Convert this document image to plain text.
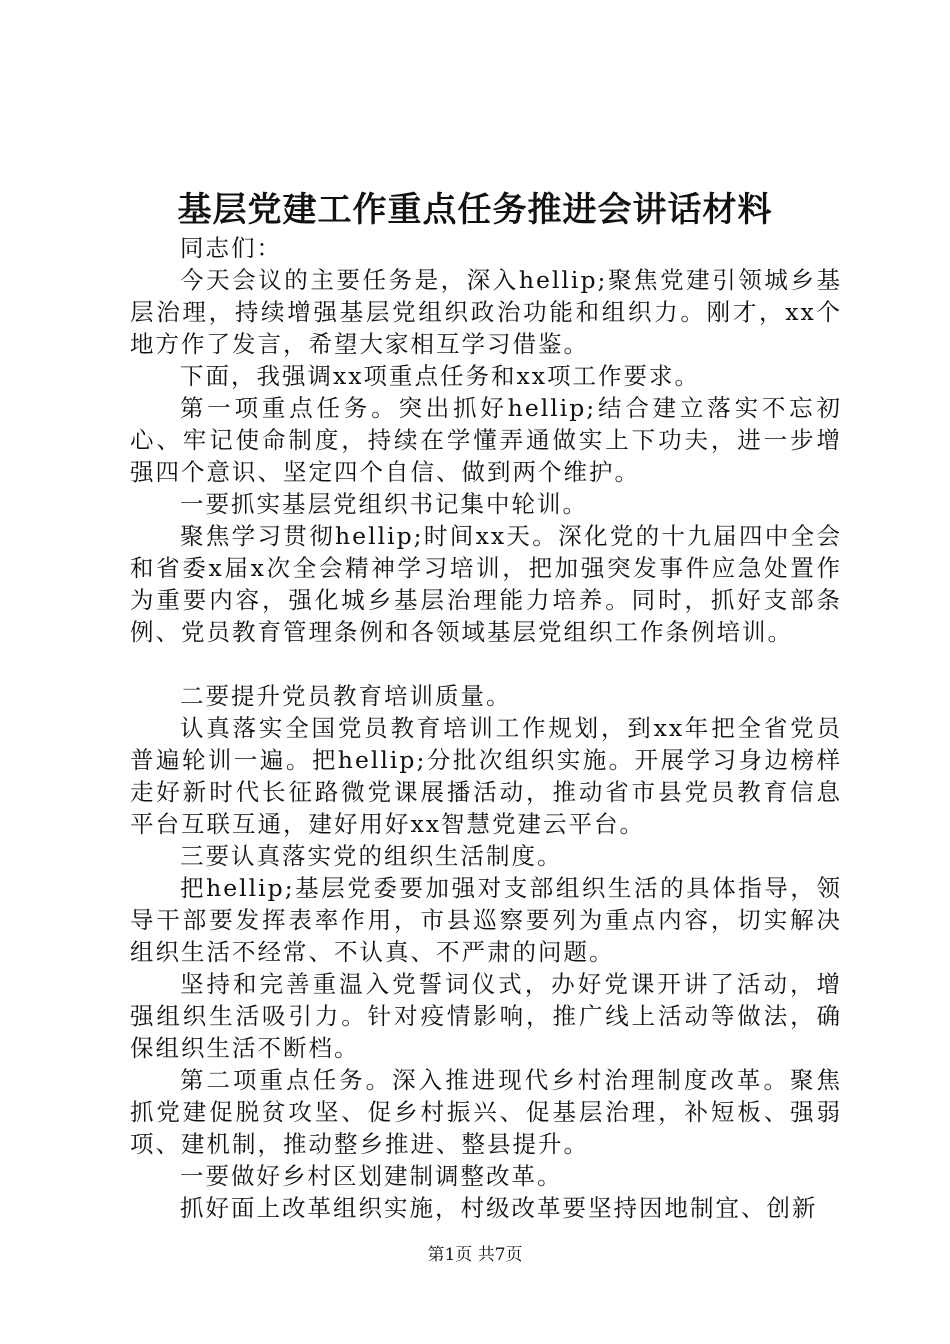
基层党建工作重点任务推进会讲话材料

同志们：

今天会议的主要任务是，深入hellip;聚焦党建引领城乡基层治理，持续增强基层党组织政治功能和组织力。刚才，xx个地方作了发言，希望大家相互学习借鉴。

下面，我强调xx项重点任务和xx项工作要求。

第一项重点任务。突出抓好hellip;结合建立落实不忘初心、牢记使命制度，持续在学懂弄通做实上下功夫，进一步增强四个意识、坚定四个自信、做到两个维护。

一要抓实基层党组织书记集中轮训。

聚焦学习贯彻hellip;时间xx天。深化党的十九届四中全会和省委x届x次全会精神学习培训，把加强突发事件应急处置作为重要内容，强化城乡基层治理能力培养。同时，抓好支部条例、党员教育管理条例和各领域基层党组织工作条例培训。

二要提升党员教育培训质量。

认真落实全国党员教育培训工作规划，到xx年把全省党员普遍轮训一遍。把hellip;分批次组织实施。开展学习身边榜样走好新时代长征路微党课展播活动，推动省市县党员教育信息平台互联互通，建好用好xx智慧党建云平台。

三要认真落实党的组织生活制度。

把hellip;基层党委要加强对支部组织生活的具体指导，领导干部要发挥表率作用，市县巡察要列为重点内容，切实解决组织生活不经常、不认真、不严肃的问题。

坚持和完善重温入党誓词仪式，办好党课开讲了活动，增强组织生活吸引力。针对疫情影响，推广线上活动等做法，确保组织生活不断档。

第二项重点任务。深入推进现代乡村治理制度改革。聚焦抓党建促脱贫攻坚、促乡村振兴、促基层治理，补短板、强弱项、建机制，推动整乡推进、整县提升。

一要做好乡村区划建制调整改革。

抓好面上改革组织实施，村级改革要坚持因地制宜、创新

第1页 共7页
